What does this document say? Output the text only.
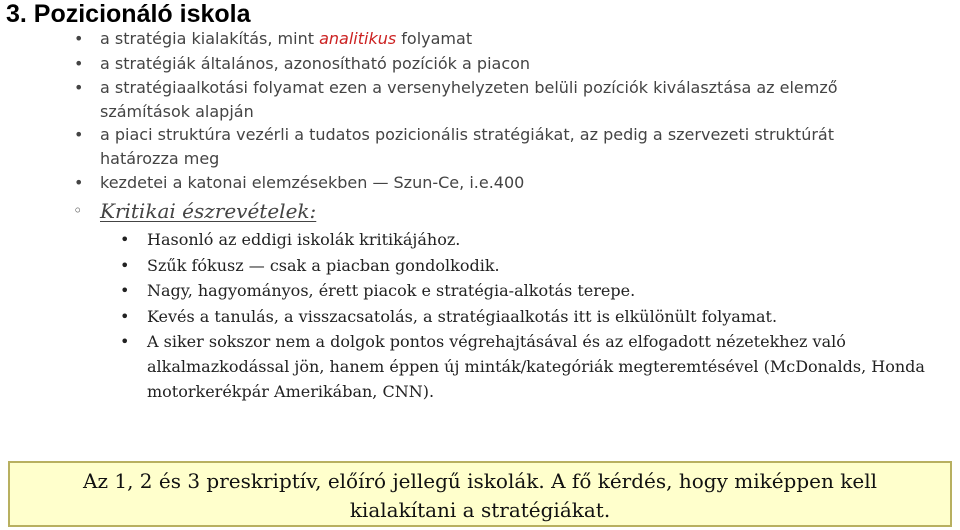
3. Pozicionáló iskola
• a stratégia kialakítás, mint analitikus folyamat
• a stratégiák általános, azonosítható pozíciók a piacon
• a stratégiaalkotási folyamat ezen a versenyhelyzeten belüli pozíciók kiválasztása az elemző
számítások alapján
• a piaci struktúra vezérli a tudatos pozicionális stratégiákat, az pedig a szervezeti struktúrát
határozza meg
• kezdetei a katonai elemzésekben — Szun-Ce, i.e.400
◦ Kritikai észrevételek:
• Hasonló az eddigi iskolák kritikájához.
• Szűk fókusz — csak a piacban gondolkodik.
• Nagy, hagyományos, érett piacok e stratégia-alkotás terepe.
• Kevés a tanulás, a visszacsatolás, a stratégiaalkotás itt is elkülönült folyamat.
• A siker sokszor nem a dolgok pontos végrehajtásával és az elfogadott nézetekhez való alkalmazkodással jön, hanem éppen új minták/kategóriák megteremtésével (McDonalds, Honda motorkerékpár Amerikában, CNN).
Az 1, 2 és 3 preskriptív, előíró jellegű iskolák. A fő kérdés, hogy miképpen kell
kialakítani a stratégiákat.
